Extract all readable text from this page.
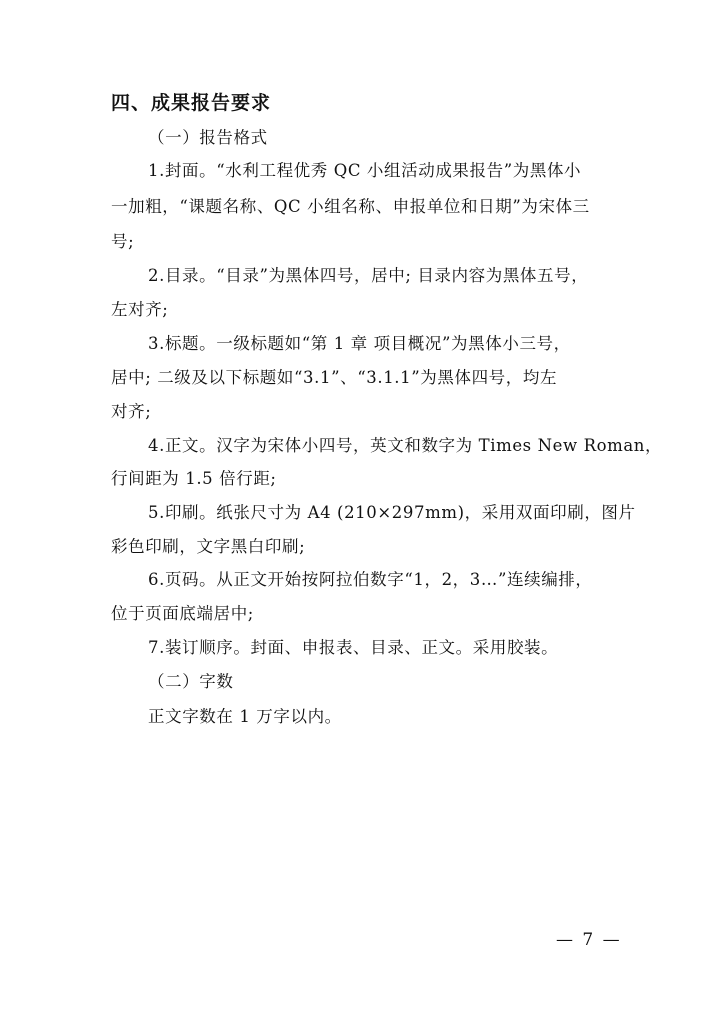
四、成果报告要求
（一）报告格式
1.封面。“水利工程优秀 QC 小组活动成果报告”为黑体小
一加粗，“课题名称、QC 小组名称、申报单位和日期”为宋体三
号;
2.目录。“目录”为黑体四号，居中; 目录内容为黑体五号，
左对齐;
3.标题。一级标题如“第 1 章 项目概况”为黑体小三号，
居中; 二级及以下标题如“3.1”、“3.1.1”为黑体四号，均左
对齐;
4.正文。汉字为宋体小四号，英文和数字为 Times New Roman，
行间距为 1.5 倍行距;
5.印刷。纸张尺寸为 A4 (210×297mm)，采用双面印刷，图片
彩色印刷，文字黑白印刷;
6.页码。从正文开始按阿拉伯数字“1，2，3…”连续编排，
位于页面底端居中;
7.装订顺序。封面、申报表、目录、正文。采用胶装。
（二）字数
正文字数在 1 万字以内。
— 7 —
